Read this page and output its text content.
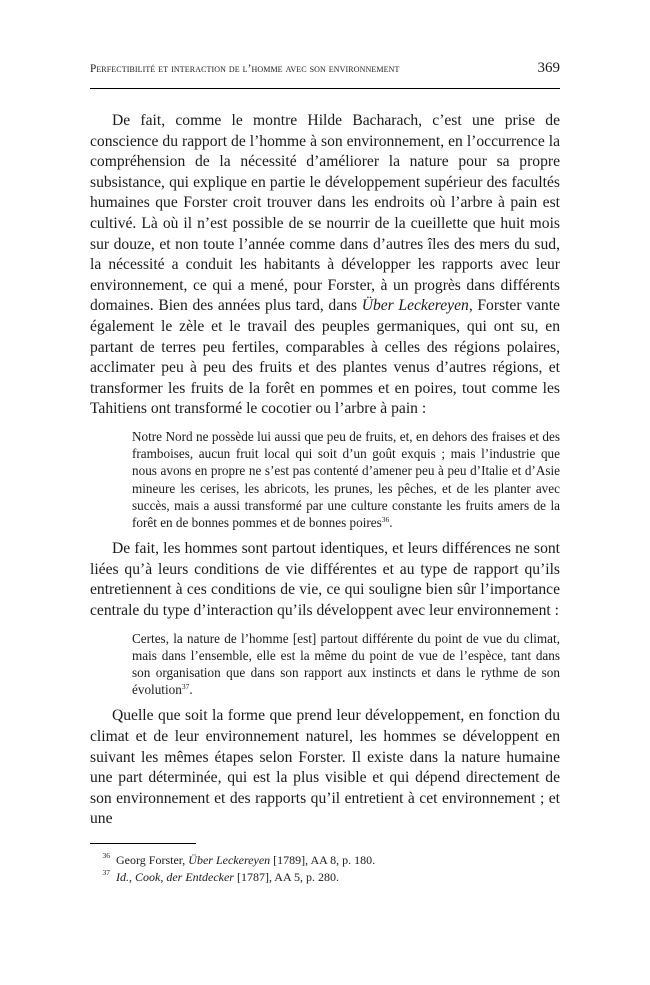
Perfectibilité et interaction de l’homme avec son environnement	369

De fait, comme le montre Hilde Bacharach, c’est une prise de conscience du rapport de l’homme à son environnement, en l’occurrence la compréhension de la nécessité d’améliorer la nature pour sa propre subsistance, qui explique en partie le développement supérieur des facultés humaines que Forster croit trouver dans les endroits où l’arbre à pain est cultivé. Là où il n’est possible de se nourrir de la cueillette que huit mois sur douze, et non toute l’année comme dans d’autres îles des mers du sud, la nécessité a conduit les habitants à développer les rapports avec leur environnement, ce qui a mené, pour Forster, à un progrès dans différents domaines. Bien des années plus tard, dans Über Leckereyen, Forster vante également le zèle et le travail des peuples germaniques, qui ont su, en partant de terres peu fertiles, comparables à celles des régions polaires, acclimater peu à peu des fruits et des plantes venus d’autres régions, et transformer les fruits de la forêt en pommes et en poires, tout comme les Tahitiens ont transformé le cocotier ou l’arbre à pain :

Notre Nord ne possède lui aussi que peu de fruits, et, en dehors des fraises et des framboises, aucun fruit local qui soit d’un goût exquis ; mais l’industrie que nous avons en propre ne s’est pas contenté d’amener peu à peu d’Italie et d’Asie mineure les cerises, les abricots, les prunes, les pêches, et de les planter avec succès, mais a aussi transformé par une culture constante les fruits amers de la forêt en de bonnes pommes et de bonnes poires$^{36}$.

De fait, les hommes sont partout identiques, et leurs différences ne sont liées qu’à leurs conditions de vie différentes et au type de rapport qu’ils entretiennent à ces conditions de vie, ce qui souligne bien sûr l’importance centrale du type d’interaction qu’ils développent avec leur environnement :

Certes, la nature de l’homme [est] partout différente du point de vue du climat, mais dans l’ensemble, elle est la même du point de vue de l’espèce, tant dans son organisation que dans son rapport aux instincts et dans le rythme de son évolution$^{37}$.

Quelle que soit la forme que prend leur développement, en fonction du climat et de leur environnement naturel, les hommes se développent en suivant les mêmes étapes selon Forster. Il existe dans la nature humaine une part déterminée, qui est la plus visible et qui dépend directement de son environnement et des rapports qu’il entretient à cet environnement ; et une

36 Georg Forster, Über Leckereyen [1789], AA 8, p. 180.
37 Id., Cook, der Entdecker [1787], AA 5, p. 280.
